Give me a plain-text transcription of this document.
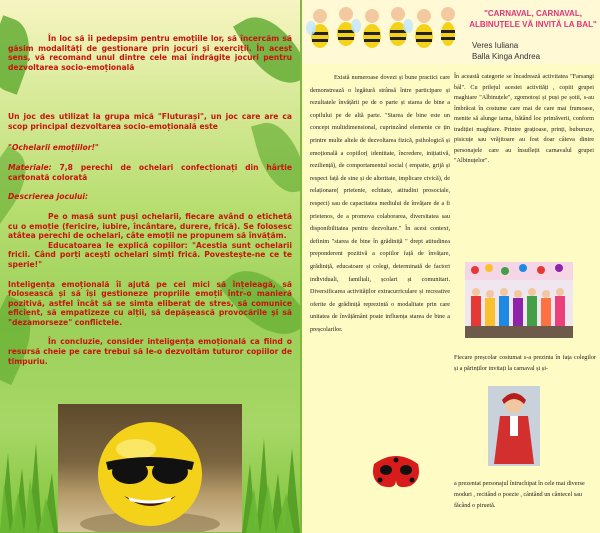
În loc să îi pedepsim pentru emoțiile lor, să încercăm să găsim modalități de gestionare prin jocuri și exerciții. În acest sens, vă recomand unul dintre cele mai îndrăgite jocuri pentru dezvoltarea socio-emoțională

Un joc des utilizat la grupa mică "Fluturași", un joc care are ca scop principal dezvoltarea socio-emoțională este

"Ochelarii emoțiilor!"

Materiale: 7,8 perechi de ochelari confecționați din hârtie cartonată colorată

Descrierea jocului:

Pe o masă sunt puși ochelarii, fiecare având o etichetă cu o emoție (fericire, iubire, încântare, durere, frică). Se folosesc atâtea perechi de ochelari, câte emoții ne propunem să învățăm.

Educatoarea le explică copiilor: "Acestia sunt ochelarii fricii. Când porți acești ochelari simți frică. Povestește-ne ce te sperie!"

Inteligența emoțională îi ajută pe cei mici să înțeleagă, să folosească și să își gestioneze propriile emoții într-o manieră pozitivă, astfel încât să se simta eliberat de stres, să comunice eficient, să empatizeze cu alții, să depășească provocările și să "dezamorseze" conflictele.

În concluzie, consider inteligența emoțională ca fiind o resursă cheie pe care trebui să le-o dezvoltăm tuturor copiilor de timpuriu.

"CARNAVAL, CARNAVAL,
ALBINUȚELE VĂ INVITĂ LA BAL"
Veres Iuliana
Balla Kinga Andrea

Există numeroase dovezi și bune practici care demonstrează o legătură strânsă între participare și rezultatele învățării pe de o parte și starea de bine a copilului pe de altă parte. "Starea de bine este un concept multidimensional, cuprinzând elemente ce țin printre multe altele de dezvoltarea fizică, psihologică și emoțională a copiilor( identitate, încredere, inițiativă, reziliență), de comportamentul social ( empatie, grijă și respect față de sine și de alteritate, implicare civică), de relaționare( prietenie, echitate, atitudini prosociale, respect) sau de capacitatea mediului de învățare de a fi prietenos, de a promova colaborarea, diversitatea sau disponibilitatea pentru dezvoltare." În acest context, definim "starea de bine în grădiniță " drept atitudinea preponderent pozitivă a copiilor față de învățare, grădiniță, educatoare și colegi, determinată de factori individuali, familiali, școlari și comunitari. Diversificarea activităților extracurriculare și recreative oferite de grădiniță reprezintă o modalitate prin care unitatea de învățământ poate influența starea de bine a preșcolarilor.

În această categorie se încadrează activitatea "Farsangi bál". Cu prilejul acestei activități , copiii grupei maghiare "Albinuțele", zgomotoși și puși pe șotii, s-au îmbrăcat în costume care mai de care mai frumoase, menite să alunge iarna, bătând loc primăverii, conform tradiției maghiare. Printre grațioase, prinți, buburuze, pisicuțe sau vrăjitoare au fost doar câteva dintre personajele care au însuflețit carnavalul grupei "Albinuțelor".

Fiecare preșcolar costumat s-a prezinta în fața colegilor și a părinților invitați la carnaval și și-

a prezentat personajul întruchipat în cele mai diverse moduri , recitând o poezie , cântând un cântecel sau făcând o piruetă.
